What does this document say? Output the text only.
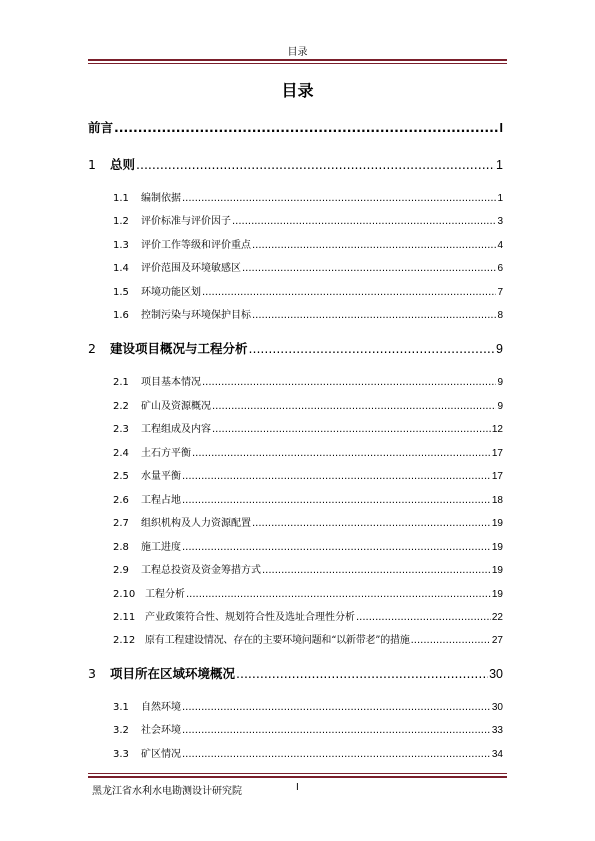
目录
目录
前言 .....	I
1	总则 .....	1
1.1	编制依据 .....	1
1.2	评价标准与评价因子 .....	3
1.3	评价工作等级和评价重点 .....	4
1.4	评价范围及环境敏感区 .....	6
1.5	环境功能区划 .....	7
1.6	控制污染与环境保护目标 .....	8
2	建设项目概况与工程分析 .....	9
2.1	项目基本情况 .....	9
2.2	矿山及资源概况 .....	9
2.3	工程组成及内容 .....	12
2.4	土石方平衡 .....	17
2.5	水量平衡 .....	17
2.6	工程占地 .....	18
2.7	组织机构及人力资源配置 .....	19
2.8	施工进度 .....	19
2.9	工程总投资及资金筹措方式 .....	19
2.10 工程分析 .....	19
2.11 产业政策符合性、规划符合性及选址合理性分析 .....	22
2.12 原有工程建设情况、存在的主要环境问题和“以新带老”的措施 .....	27
3	项目所在区域环境概况 .....	30
3.1	自然环境 .....	30
3.2	社会环境 .....	33
3.3	矿区情况 .....	34
黑龙江省水利水电勘测设计研究院	I
